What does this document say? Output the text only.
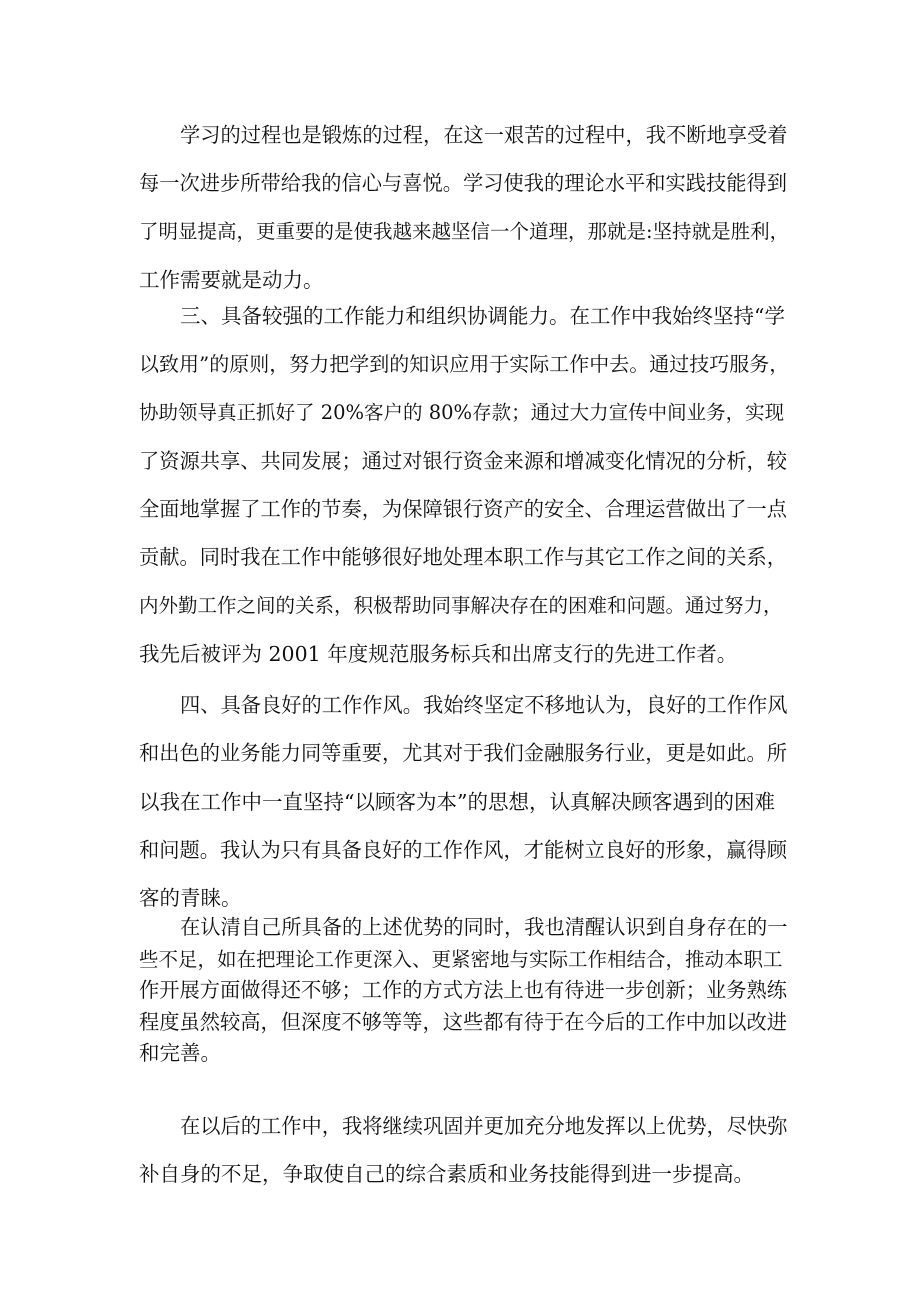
学习的过程也是锻炼的过程，在这一艰苦的过程中，我不断地享受着
每一次进步所带给我的信心与喜悦。学习使我的理论水平和实践技能得到
了明显提高，更重要的是使我越来越坚信一个道理，那就是:坚持就是胜利，
工作需要就是动力。
三、具备较强的工作能力和组织协调能力。在工作中我始终坚持“学
以致用”的原则，努力把学到的知识应用于实际工作中去。通过技巧服务，
协助领导真正抓好了 20%客户的 80%存款；通过大力宣传中间业务，实现
了资源共享、共同发展；通过对银行资金来源和增减变化情况的分析，较
全面地掌握了工作的节奏，为保障银行资产的安全、合理运营做出了一点
贡献。同时我在工作中能够很好地处理本职工作与其它工作之间的关系，
内外勤工作之间的关系，积极帮助同事解决存在的困难和问题。通过努力，
我先后被评为 2001 年度规范服务标兵和出席支行的先进工作者。
四、具备良好的工作作风。我始终坚定不移地认为，良好的工作作风
和出色的业务能力同等重要，尤其对于我们金融服务行业，更是如此。所
以我在工作中一直坚持“以顾客为本”的思想，认真解决顾客遇到的困难
和问题。我认为只有具备良好的工作作风，才能树立良好的形象，赢得顾
客的青睐。
在认清自己所具备的上述优势的同时，我也清醒认识到自身存在的一
些不足，如在把理论工作更深入、更紧密地与实际工作相结合，推动本职工
作开展方面做得还不够；工作的方式方法上也有待进一步创新；业务熟练
程度虽然较高，但深度不够等等，这些都有待于在今后的工作中加以改进
和完善。
在以后的工作中，我将继续巩固并更加充分地发挥以上优势，尽快弥
补自身的不足，争取使自己的综合素质和业务技能得到进一步提高。
